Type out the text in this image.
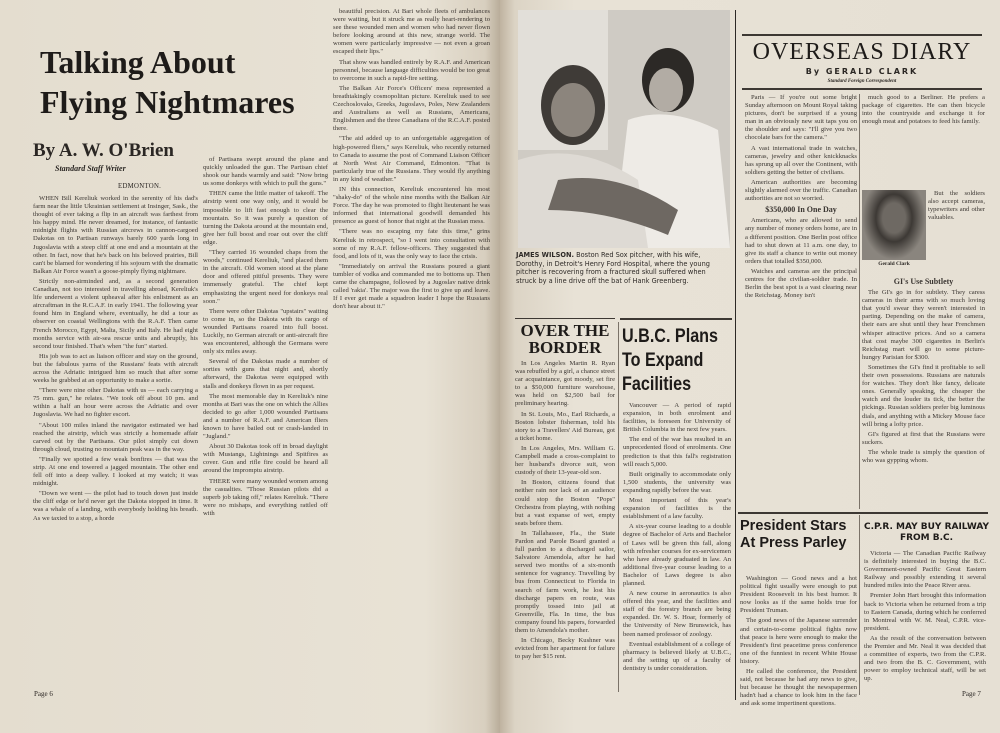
Talking About
Flying Nightmares
By A. W. O'Brien
Standard Staff Writer
EDMONTON.

WHEN Bill Kereliuk worked in the serenity of his dad's farm near the little Ukrainian settlement at Insinger, Sask., the thought of ever taking a flip in an aircraft was farthest from his happy mind. He never dreamed, for instance, of fantastic midnight flights with Russian aircrews in cannon-cargoed Dakotas on to Partisan runways barely 600 yards long in Jugoslavia with a steep cliff at one end and a mountain at the other. In fact, now that he's back on his beloved prairies, Bill can't be blamed for wondering if his sojourn with the dramatic Balkan Air Force wasn't a goose-pimply flying nightmare.

Strictly non-airminded and, as a second generation Canadian, not too interested in travelling abroad, Kereliuk's life underwent a violent upheaval after his enlistment as an aircraftman in the R.C.A.F. in early 1941. The following year found him in England where, eventually, he did a tour as observer on coastal Wellingtons with the R.A.F. Then came French Morocco, Egypt, Malta, Sicily and Italy. He had eight months service with air-sea rescue units and abruptly, his second tour finished. That's when "the fun" started.

His job was to act as liaison officer and stay on the ground, but the fabulous yarns of the Russians' feats with aircraft across the Adriatic intrigued him so much that after some weeks he grabbed at an opportunity to make a sortie.

"There were nine other Dakotas with us — each carrying a 75 mm. gun," he relates. "We took off about 10 pm. and within a half an hour were across the Adriatic and over Jugoslavia. We had no fighter escort.

"About 100 miles inland the navigator estimated we had reached the airstrip, which was strictly a homemade affair carved out by the Partisans. Our pilot simply cut down through cloud, trusting no mountain peak was in the way.

"Finally we spotted a few weak bonfires — that was the strip. At one end towered a jagged mountain. The other end fell off into a deep valley. I looked at my watch; it was midnight.

"Down we went — the pilot had to touch down just inside the cliff edge or he'd never get the Dakota stopped in time. It was a whale of a landing, with everybody holding his breath. As we taxied to a stop, a horde

of Partisans swept around the plane and quickly unloaded the gun. The Partisan chief shook our hands warmly and said: "Now bring us some donkeys with which to pull the guns."

THEN came the little matter of takeoff. The airstrip went one way only, and it would be impossible to lift fast enough to clear the mountain. So it was purely a question of turning the Dakota around at the mountain end, give her full boost and roar out over the cliff edge.

"They carried 16 wounded chaps from the woods," continued Kereliuk, "and placed them in the aircraft. Old women stood at the plane door and offered pitiful presents. They were immensely grateful. The chief kept emphasizing the urgent need for donkeys real soon."

There were other Dakotas "upstairs" waiting to come in, so the Dakota with its cargo of wounded Partisans roared into full boost. Luckily, no German aircraft or anti-aircraft fire was encountered, although the Germans were only six miles away.

Several of the Dakotas made a number of sorties with guns that night and, shortly afterward, the Dakotas were equipped with stalls and donkeys flown in as per request.

The most memorable day in Kereliuk's nine months at Bari was the one on which the Allies decided to go after 1,000 wounded Partisans and a number of R.A.F. and American fliers known to have bailed out or crash-landed in "Jugland."

About 30 Dakotas took off in broad daylight with Mustangs, Lightnings and Spitfires as cover. Gun and rifle fire could be heard all around the impromptu airstrip.

THERE were many wounded women among the casualties. "Those Russian pilots did a superb job taking off," relates Kereliuk. "There were no mishaps, and everything rattled off with

beautiful precision. At Bari whole fleets of ambulances were waiting, but it struck me as really heart-rendering to see these wounded men and women who had never flown before looking around at this new, strange world. The women were particularly impressive — not even a groan escaped their lips."

That show was handled entirely by R.A.F. and American personnel, because language difficulties would be too great to overcome in such a rapid-fire setting.

The Balkan Air Force's Officers' mess represented a breathtakingly cosmopolitan picture. Kereliuk used to see Czechoslovaks, Greeks, Jugoslavs, Poles, New Zealanders and Australians as well as Russians, Americans, Englishmen and the three Canadians of the R.C.A.F. posted there.

"The aid added up to an unforgettable aggregation of high-powered fliers," says Kereliuk, who recently returned to Canada to assume the post of Command Liaison Officer at North West Air Command, Edmonton. "That is particularly true of the Russians. They would fly anything in any kind of weather."

IN this connection, Kereliuk encountered his most "shaky-do" of the whole nine months with the Balkan Air Force. The day he was promoted to flight lieutenant he was informed that international goodwill demanded his presence as guest of honor that night at the Russian mess.

"There was no escaping my fate this time," grins Kereliuk in retrospect, "so I went into consultation with some of my R.A.F. fellow-officers. They suggested that food, and lots of it, was the only way to face the crisis.

"Immediately on arrival the Russians poured a giant tumbler of vodka and commanded me to bottoms up. Then came the champagne, followed by a Jugoslav native drink called 'rakia'. The major was the first to give up and leave. If I ever get made a squadron leader I hope the Russians don't hear about it."

Page 6
JAMES WILSON. Boston Red Sox pitcher, with his wife, Dorothy, in Detroit's Henry Ford Hospital, where the young pitcher is recovering from a fractured skull suffered when struck by a line drive off the bat of Hank Greenberg.
OVER THE BORDER

In Los Angeles Martin R. Ryan was rebuffed by a girl, a chance street car acquaintance, got moody, set fire to a $50,000 furniture warehouse, was held on $2,500 bail for preliminary hearing.

In St. Louis, Mo., Earl Richards, a Boston lobster fisherman, told his story to a Travellers' Aid Bureau, got a ticket home.

In Los Angeles, Mrs. William G. Campbell made a cross-complaint to her husband's divorce suit, won custody of their 13-year-old son.

In Boston, citizens found that neither rain nor lack of an audience could stop the Boston "Pops" Orchestra from playing, with nothing but a vast expanse of wet, empty seats before them.

In Tallahassee, Fla., the State Pardon and Parole Board granted a full pardon to a discharged sailor, Salvatore Amendola, after he had served two months of a six-month sentence for vagrancy. Travelling by bus from Connecticut to Florida in search of farm work, he lost his discharge papers en route, was promptly tossed into jail at Greenville, Fla. In time, the bus company found his papers, forwarded them to Amendola's mother.

In Chicago, Becky Kushner was evicted from her apartment for failure to pay her $15 rent.

U.B.C. Plans
To Expand
Facilities

Vancouver — A period of rapid expansion, in both enrolment and facilities, is foreseen for University of British Columbia in the next few years.

The end of the war has resulted in an unprecedented flood of enrolments. One prediction is that this fall's registration will reach 5,000.

Built originally to accommodate only 1,500 students, the university was expanding rapidly before the war.

Most important of this year's expansion of facilities is the establishment of a law faculty.

A six-year course leading to a double degree of Bachelor of Arts and Bachelor of Laws will be given this fall, along with refresher courses for ex-servicemen who have already graduated in law. An additional five-year course leading to a Bachelor of Laws degree is also planned.

A new course in aeronautics is also offered this year, and the facilities and staff of the forestry branch are being expanded. Dr. W. S. Hoar, formerly of the University of New Brunswick, has been named professor of zoology.

Eventual establishment of a college of pharmacy is believed likely at U.B.C., and the setting up of a faculty of dentistry is under consideration.

OVERSEAS DIARY
By GERALD CLARK
Standard Foreign Correspondent

Paris — If you're out some bright Sunday afternoon on Mount Royal taking pictures, don't be surprised if a young man in an obviously new suit taps you on the shoulder and says: "I'll give you two chocolate bars for the camera."

A vast international trade in watches, cameras, jewelry and other knickknacks has sprung up all over the Continent, with soldiers getting the better of civilians.

American authorities are becoming slightly alarmed over the traffic. Canadian authorities are not so worried.

$350,000 In One Day

Americans, who are allowed to send any number of money orders home, are in a different position. One Berlin post office had to shut down at 11 a.m. one day, to give its staff a chance to write out money orders that totalled $350,000.

Watches and cameras are the principal centres for the civilian-soldier trade. In Berlin the best spot is a vast clearing near the Reichstag. Money isn't

much good to a Berliner. He prefers a package of cigarettes. He can then bicycle into the countryside and exchange it for enough meat and potatoes to feed his family.

Gerald Clark

But the soldiers also accept cameras, typewriters and other valuables.

GI's Use Subtlety

The GI's go in for subtlety. They caress cameras in their arms with so much loving that you'd swear they weren't interested in parting. Depending on the make of camera, their ears are shut until they hear Frenchmen whisper attractive prices. And so a camera that cost maybe 300 cigarettes in Berlin's Reichstag mart will go to some picture-hungry Parisian for $300.

Sometimes the GI's find it profitable to sell their own possessions. Russians are naturals for watches. They don't like fancy, delicate ones. Generally speaking, the cheaper the watch and the louder its tick, the better the pickings. Russian soldiers prefer big luminous dials, and anything with a Mickey Mouse face will bring a lofty price.

GI's figured at first that the Russians were suckers.

The whole trade is simply the question of who was gypping whom.

President Stars At Press Parley

Washington — Good news and a hot political fight usually were enough to put President Roosevelt in his best humor. It now looks as if the same holds true for President Truman.

The good news of the Japanese surrender and certain-to-come political fights now that peace is here were enough to make the President's first peacetime press conference one of the funniest in recent White House history.

He called the conference, the President said, not because he had any news to give, but because he thought the newspapermen hadn't had a chance to look him in the face and ask some impertinent questions.

C.P.R. MAY BUY RAILWAY FROM B.C.

Victoria — The Canadian Pacific Railway is definitely interested in buying the B.C. Government-owned Pacific Great Eastern Railway and possibly extending it several hundred miles into the Peace River area.

Premier John Hart brought this information back to Victoria when he returned from a trip to Eastern Canada, during which he conferred in Montreal with W. M. Neal, C.P.R. vice-president.

As the result of the conversation between the Premier and Mr. Neal it was decided that a committee of experts, two from the C.P.R. and two from the B. C. Government, with power to employ technical staff, will be set up.

Page 7
